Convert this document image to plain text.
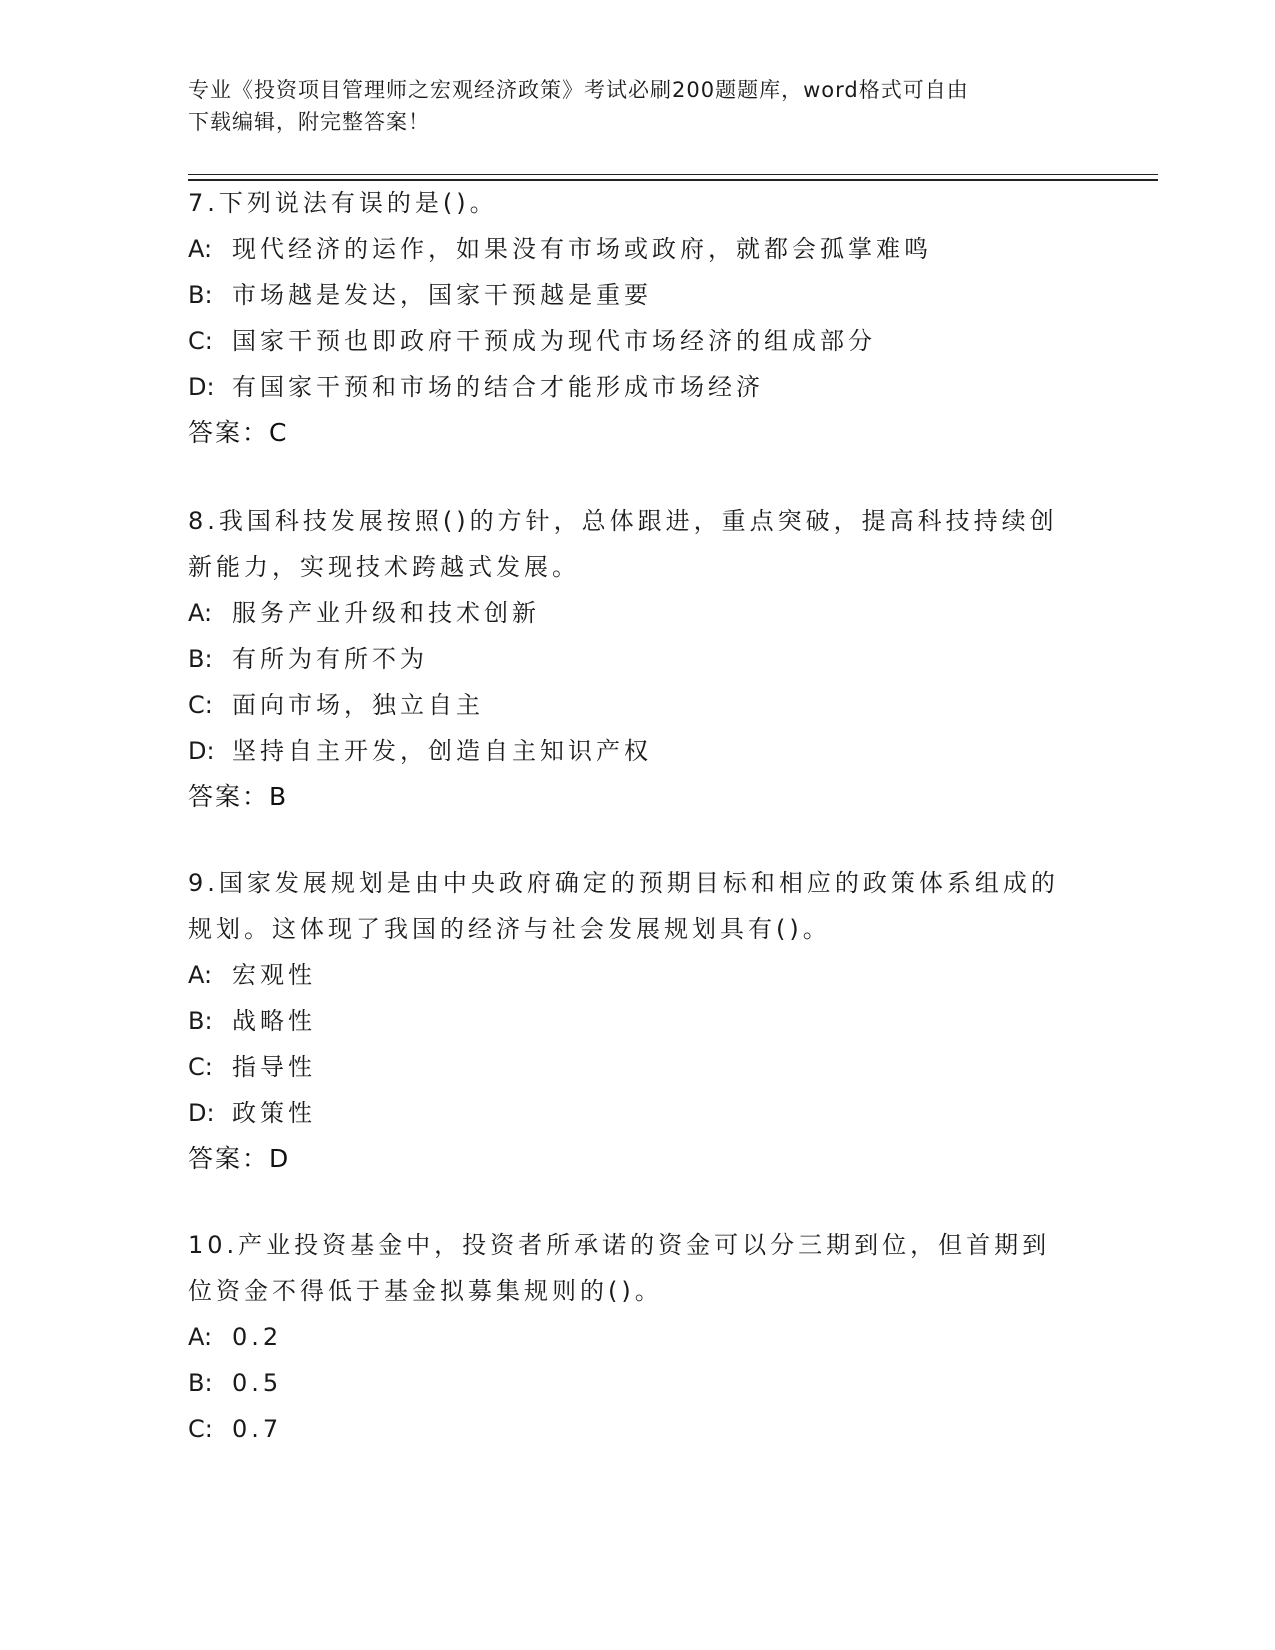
专业《投资项目管理师之宏观经济政策》考试必刷200题题库，word格式可自由
下载编辑，附完整答案！

7.下列说法有误的是()。

A: 现代经济的运作，如果没有市场或政府，就都会孤掌难鸣

B: 市场越是发达，国家干预越是重要

C: 国家干预也即政府干预成为现代市场经济的组成部分

D: 有国家干预和市场的结合才能形成市场经济

答案：C

8.我国科技发展按照()的方针，总体跟进，重点突破，提高科技持续创新能力，实现技术跨越式发展。

A: 服务产业升级和技术创新

B: 有所为有所不为

C: 面向市场，独立自主

D: 坚持自主开发，创造自主知识产权

答案：B

9.国家发展规划是由中央政府确定的预期目标和相应的政策体系组成的规划。这体现了我国的经济与社会发展规划具有()。

A: 宏观性

B: 战略性

C: 指导性

D: 政策性

答案：D

10.产业投资基金中，投资者所承诺的资金可以分三期到位，但首期到位资金不得低于基金拟募集规则的()。

A: 0.2

B: 0.5

C: 0.7
